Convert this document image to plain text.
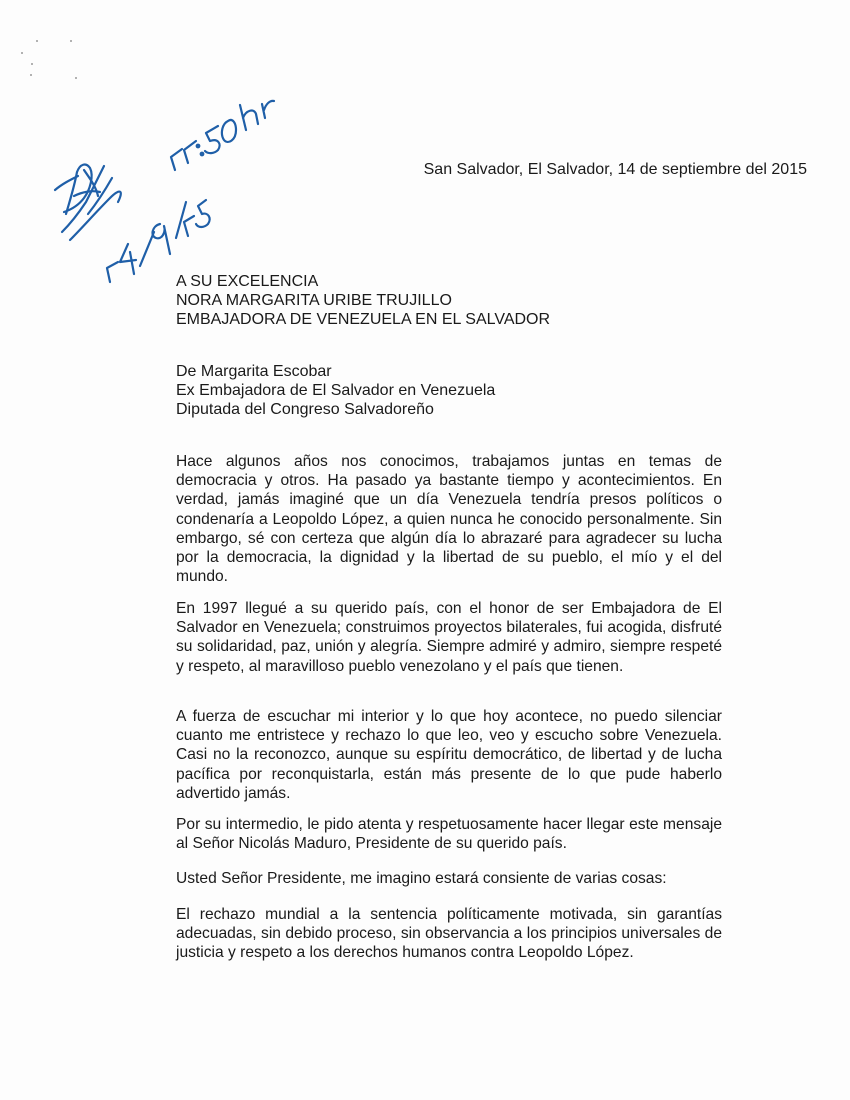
San Salvador, El Salvador, 14 de septiembre del 2015
A SU EXCELENCIA
NORA MARGARITA URIBE TRUJILLO
EMBAJADORA DE VENEZUELA EN EL SALVADOR
De Margarita Escobar
Ex Embajadora de El Salvador en Venezuela
Diputada del Congreso Salvadoreño

Hace algunos años nos conocimos, trabajamos juntas en temas de democracia y otros. Ha pasado ya bastante tiempo y acontecimientos. En verdad, jamás imaginé que un día Venezuela tendría presos políticos o condenaría a Leopoldo López, a quien nunca he conocido personalmente. Sin embargo, sé con certeza que algún día lo abrazaré para agradecer su lucha por la democracia, la dignidad y la libertad de su pueblo, el mío y el del mundo.

En 1997 llegué a su querido país, con el honor de ser Embajadora de El Salvador en Venezuela; construimos proyectos bilaterales, fui acogida, disfruté su solidaridad, paz, unión y alegría. Siempre admiré y admiro, siempre respeté y respeto, al maravilloso pueblo venezolano y el país que tienen.

A fuerza de escuchar mi interior y lo que hoy acontece, no puedo silenciar cuanto me entristece y rechazo lo que leo, veo y escucho sobre Venezuela. Casi no la reconozco, aunque su espíritu democrático, de libertad y de lucha pacífica por reconquistarla, están más presente de lo que pude haberlo advertido jamás.

Por su intermedio, le pido atenta y respetuosamente hacer llegar este mensaje al Señor Nicolás Maduro, Presidente de su querido país.

Usted Señor Presidente, me imagino estará consiente de varias cosas:

El rechazo mundial a la sentencia políticamente motivada, sin garantías adecuadas, sin debido proceso, sin observancia a los principios universales de justicia y respeto a los derechos humanos contra Leopoldo López.
